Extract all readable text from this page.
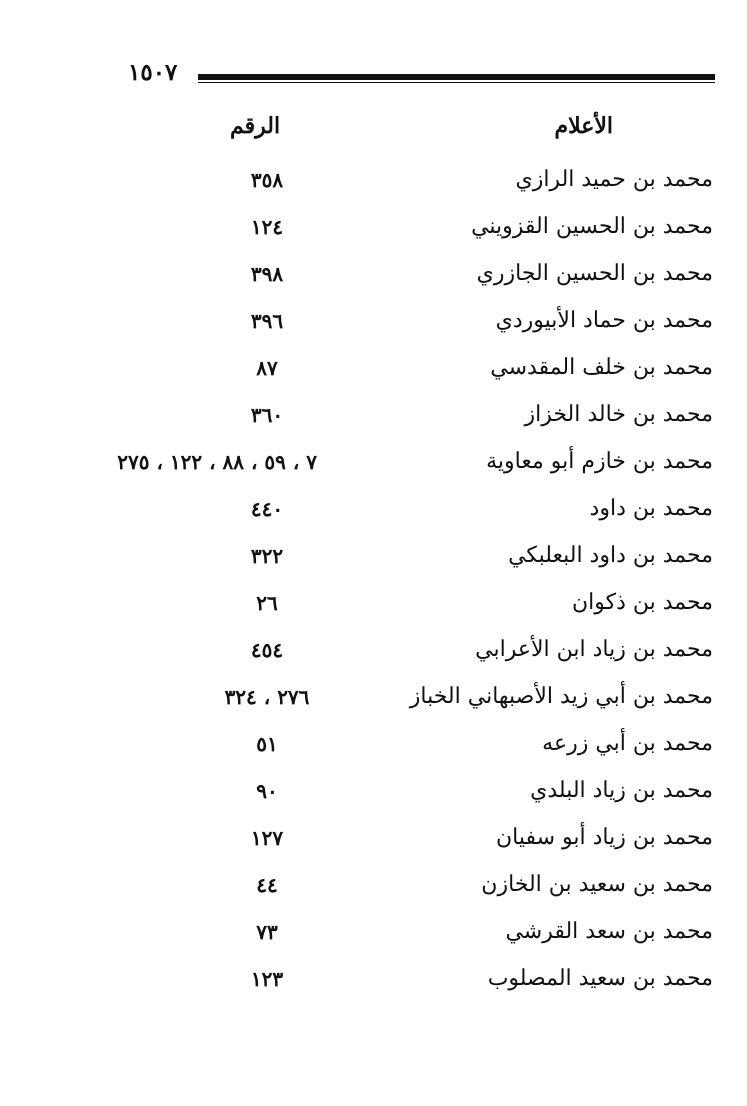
١٥٠٧
الأعلام
الرقم
محمد بن حميد الرازي
٣٥٨
محمد بن الحسين القزويني
١٢٤
محمد بن الحسين الجازري
٣٩٨
محمد بن حماد الأبيوردي
٣٩٦
محمد بن خلف المقدسي
٨٧
محمد بن خالد الخزاز
٣٦٠
محمد بن خازم أبو معاوية
٧ ، ٥٩ ، ٨٨ ، ١٢٢ ، ٢٧٥
محمد بن داود
٤٤٠
محمد بن داود البعلبكي
٣٢٢
محمد بن ذكوان
٢٦
محمد بن زياد ابن الأعرابي
٤٥٤
محمد بن أبي زيد الأصبهاني الخباز
٢٧٦ ، ٣٢٤
محمد بن أبي زرعه
٥١
محمد بن زياد البلدي
٩٠
محمد بن زياد أبو سفيان
١٢٧
محمد بن سعيد بن الخازن
٤٤
محمد بن سعد القرشي
٧٣
محمد بن سعيد المصلوب
١٢٣
